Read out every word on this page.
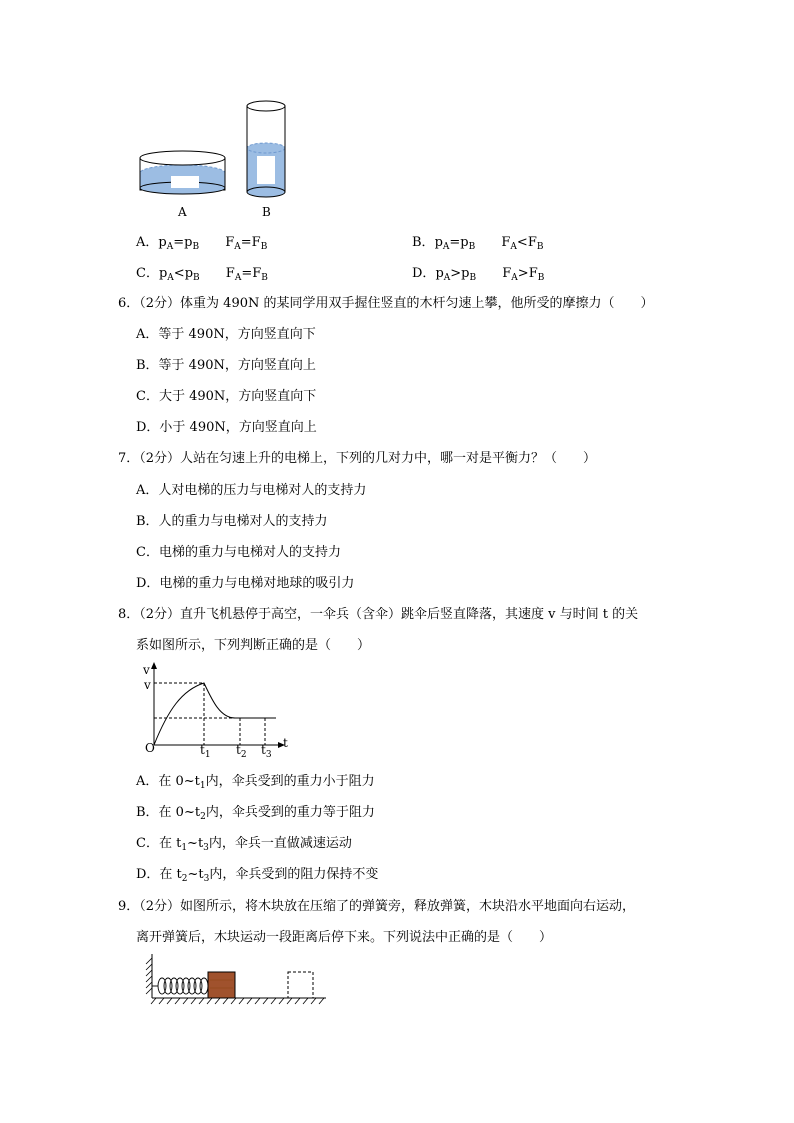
A	B
A．$p_A=p_B$ $F_A=F_B$	B．$p_A=p_B$ $F_A<F_B$
C．$p_A<p_B$ $F_A=F_B$	D．$p_A>p_B$ $F_A>F_B$
6．（2分）体重为 490N 的某同学用双手握住竖直的木杆匀速上攀，他所受的摩擦力（　　）
A．等于 490N，方向竖直向下
B．等于 490N，方向竖直向上
C．大于 490N，方向竖直向下
D．小于 490N，方向竖直向上
7．（2分）人站在匀速上升的电梯上，下列的几对力中，哪一对是平衡力？（　　）
A．人对电梯的压力与电梯对人的支持力
B．人的重力与电梯对人的支持力
C．电梯的重力与电梯对人的支持力
D．电梯的重力与电梯对地球的吸引力
8．（2分）直升飞机悬停于高空，一伞兵（含伞）跳伞后竖直降落，其速度 v 与时间 t 的关
系如图所示，下列判断正确的是（　　）
v
v
O	t
$t_1$ $t_2$ $t_3$
A．在 $0\sim t_1$内，伞兵受到的重力小于阻力
B．在 $0\sim t_2$内，伞兵受到的重力等于阻力
C．在 $t_1\sim t_3$内，伞兵一直做减速运动
D．在 $t_2\sim t_3$内，伞兵受到的阻力保持不变
9．（2分）如图所示，将木块放在压缩了的弹簧旁，释放弹簧，木块沿水平地面向右运动，
离开弹簧后，木块运动一段距离后停下来。下列说法中正确的是（　　）
